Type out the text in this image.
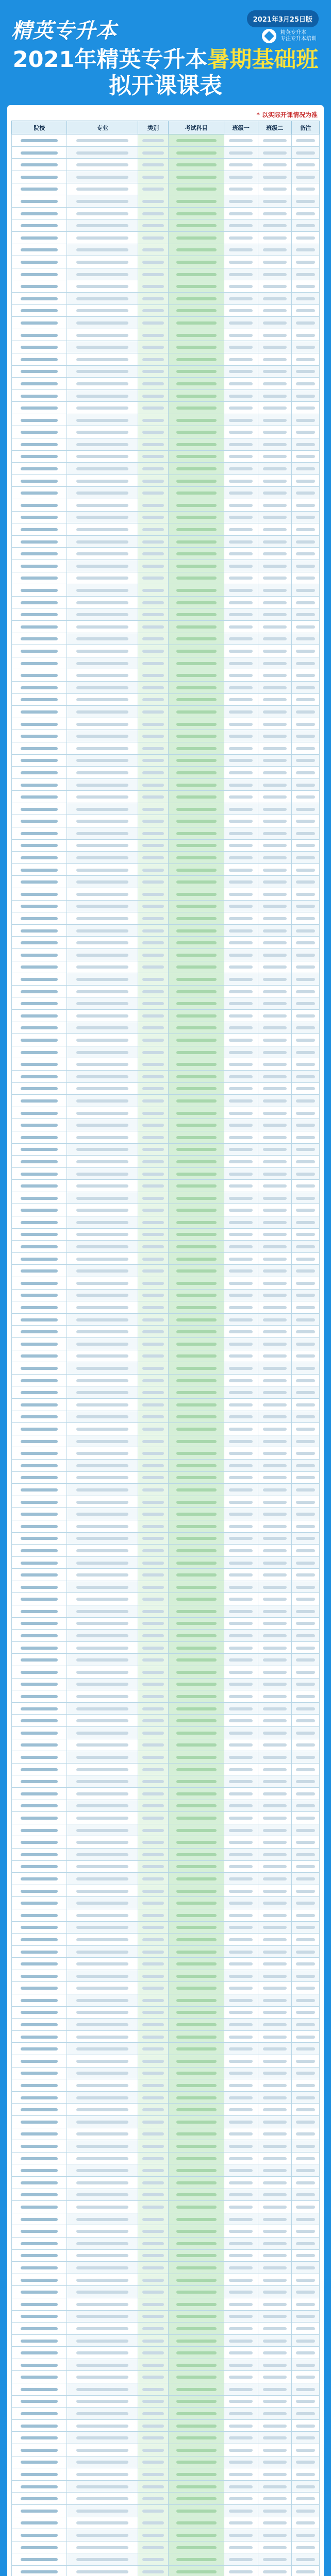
精英专升本	2021年3月25日版
精英专升本
专注专升本培训
2021年精英专升本暑期基础班
拟开课课表
* 以实际开课情况为准
院校	专业	类别	考试科目	班级一	班级二	备注
